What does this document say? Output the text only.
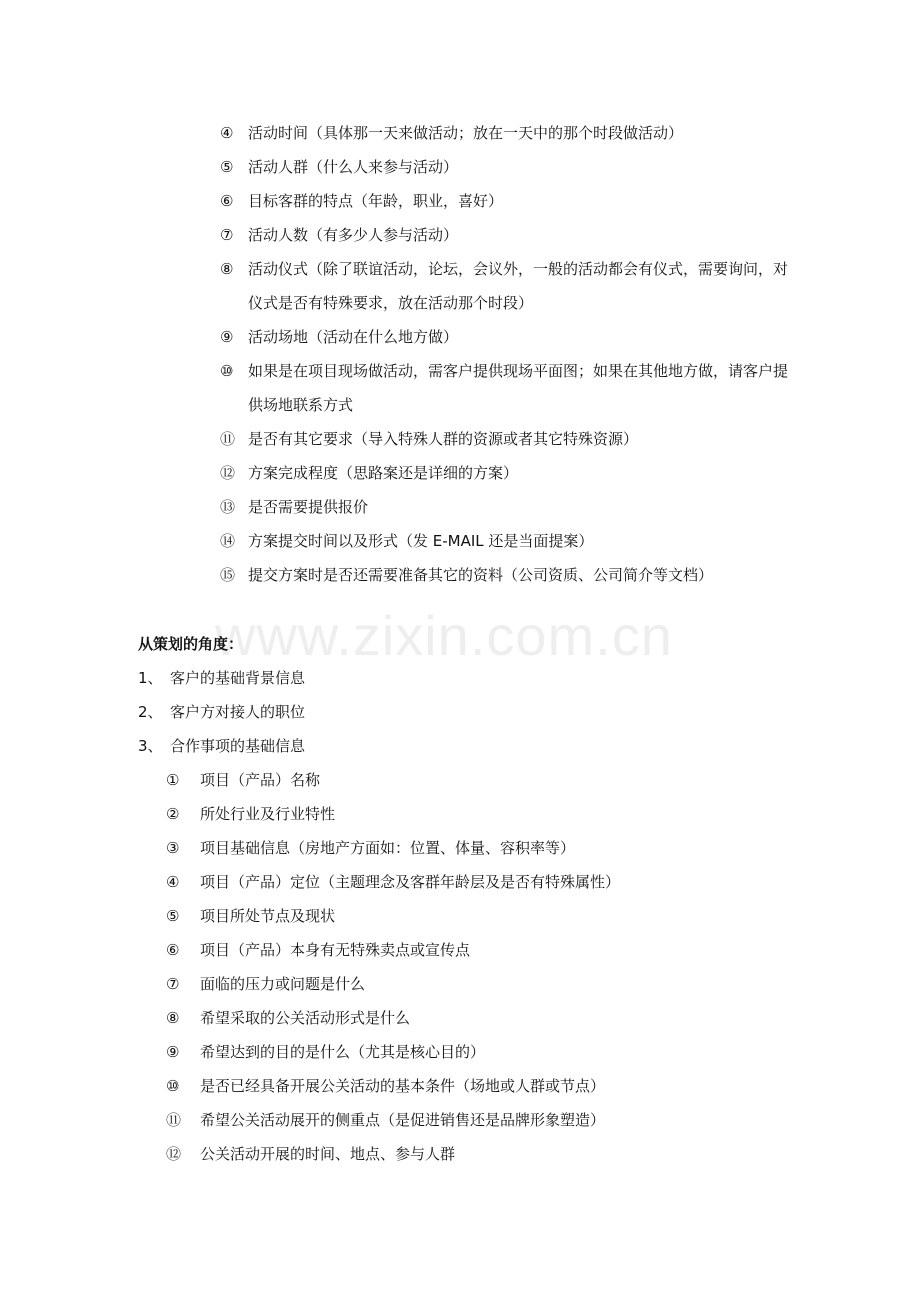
www.zixin.com.cn
④ 活动时间（具体那一天来做活动；放在一天中的那个时段做活动）
⑤ 活动人群（什么人来参与活动）
⑥ 目标客群的特点（年龄，职业，喜好）
⑦ 活动人数（有多少人参与活动）
⑧ 活动仪式（除了联谊活动，论坛，会议外，一般的活动都会有仪式，需要询问，对仪式是否有特殊要求，放在活动那个时段）
⑨ 活动场地（活动在什么地方做）
⑩ 如果是在项目现场做活动，需客户提供现场平面图；如果在其他地方做，请客户提供场地联系方式
⑪ 是否有其它要求（导入特殊人群的资源或者其它特殊资源）
⑫ 方案完成程度（思路案还是详细的方案）
⑬ 是否需要提供报价
⑭ 方案提交时间以及形式（发 E-MAIL 还是当面提案）
⑮ 提交方案时是否还需要准备其它的资料（公司资质、公司简介等文档）
从策划的角度：
1、 客户的基础背景信息
2、 客户方对接人的职位
3、 合作事项的基础信息
①	项目（产品）名称
②	所处行业及行业特性
③	项目基础信息（房地产方面如：位置、体量、容积率等）
④	项目（产品）定位（主题理念及客群年龄层及是否有特殊属性）
⑤	项目所处节点及现状
⑥	项目（产品）本身有无特殊卖点或宣传点
⑦	面临的压力或问题是什么
⑧	希望采取的公关活动形式是什么
⑨	希望达到的目的是什么（尤其是核心目的）
⑩	是否已经具备开展公关活动的基本条件（场地或人群或节点）
⑪	希望公关活动展开的侧重点（是促进销售还是品牌形象塑造）
⑫	公关活动开展的时间、地点、参与人群
